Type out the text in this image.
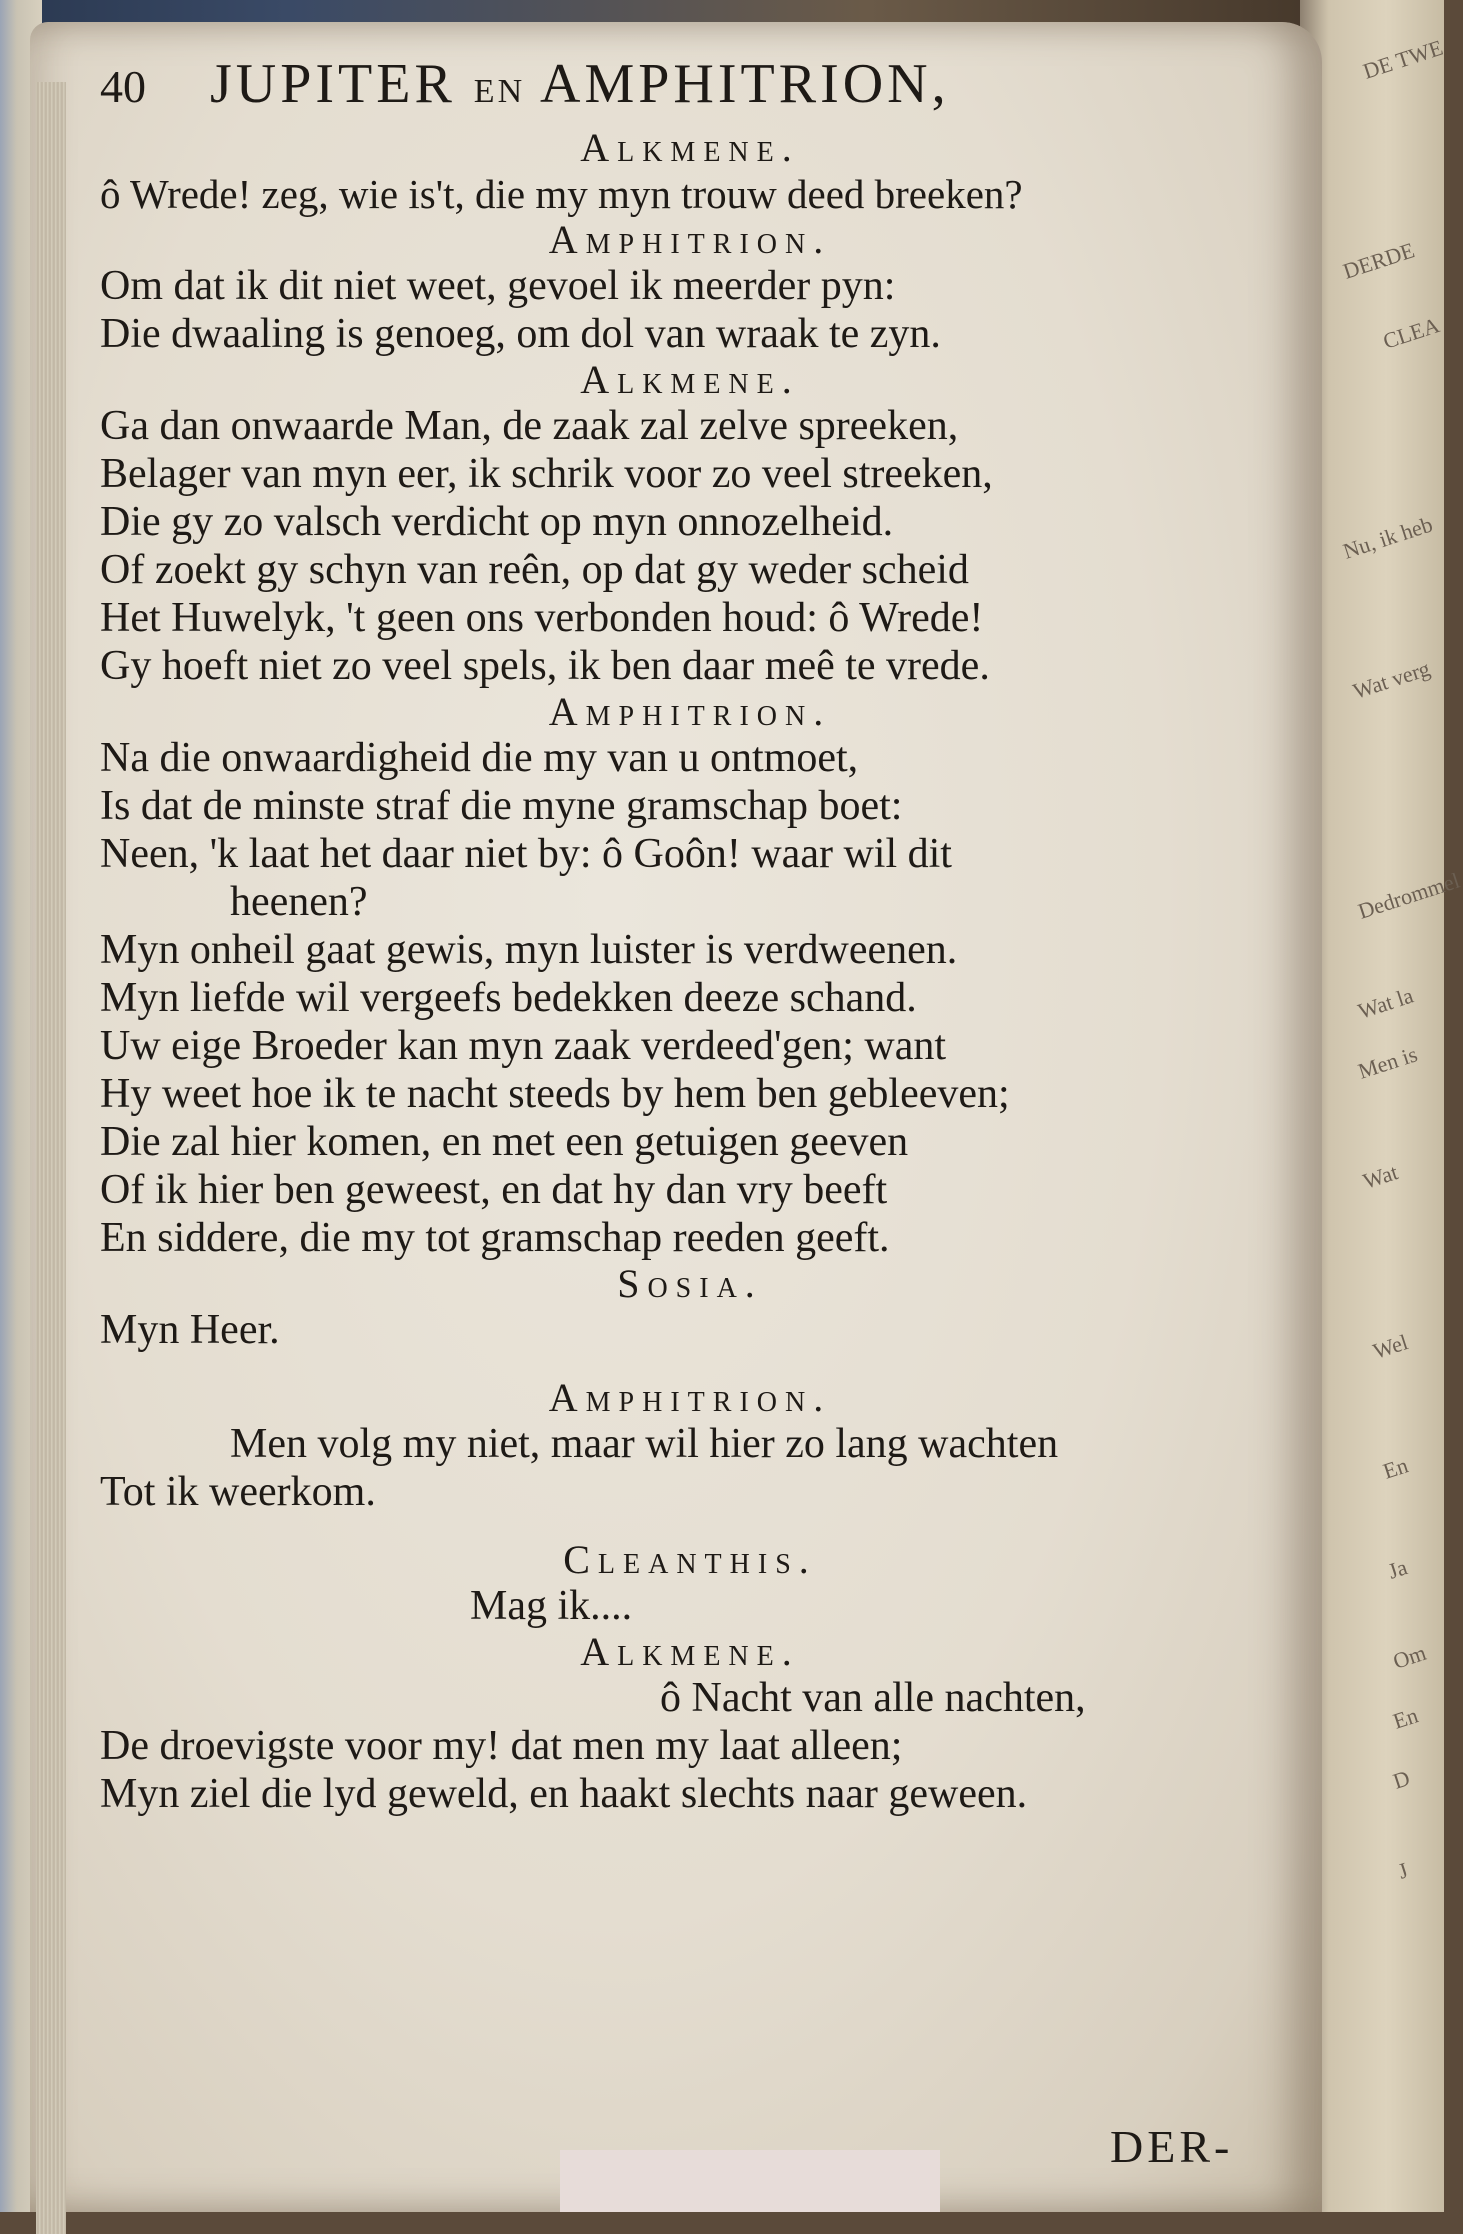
DE TWE
DERDE
CLEA
Nu, ik heb
Wat verg
Dedrommel
Wat la
Men is
Wat
Wel
En
Ja
Om
En
D
J
40 JUPITER EN AMPHITRION,
Alkmene.
ô Wrede! zeg, wie is't, die my myn trouw deed breeken?
Amphitrion.
Om dat ik dit niet weet, gevoel ik meerder pyn:
Die dwaaling is genoeg, om dol van wraak te zyn.
Alkmene.
Ga dan onwaarde Man, de zaak zal zelve spreeken,
Belager van myn eer, ik schrik voor zo veel streeken,
Die gy zo valsch verdicht op myn onnozelheid.
Of zoekt gy schyn van reên, op dat gy weder scheid
Het Huwelyk, 't geen ons verbonden houd: ô Wrede!
Gy hoeft niet zo veel spels, ik ben daar meê te vrede.
Amphitrion.
Na die onwaardigheid die my van u ontmoet,
Is dat de minste straf die myne gramschap boet:
Neen, 'k laat het daar niet by: ô Goôn! waar wil dit
heenen?
Myn onheil gaat gewis, myn luister is verdweenen.
Myn liefde wil vergeefs bedekken deeze schand.
Uw eige Broeder kan myn zaak verdeed'gen; want
Hy weet hoe ik te nacht steeds by hem ben gebleeven;
Die zal hier komen, en met een getuigen geeven
Of ik hier ben geweest, en dat hy dan vry beeft
En siddere, die my tot gramschap reeden geeft.
Sosia.
Myn Heer.
Amphitrion.
Men volg my niet, maar wil hier zo lang wachten
Tot ik weerkom.
Cleanthis.
Mag ik....
Alkmene.
ô Nacht van alle nachten,
De droevigste voor my! dat men my laat alleen;
Myn ziel die lyd geweld, en haakt slechts naar geween.
DER-
